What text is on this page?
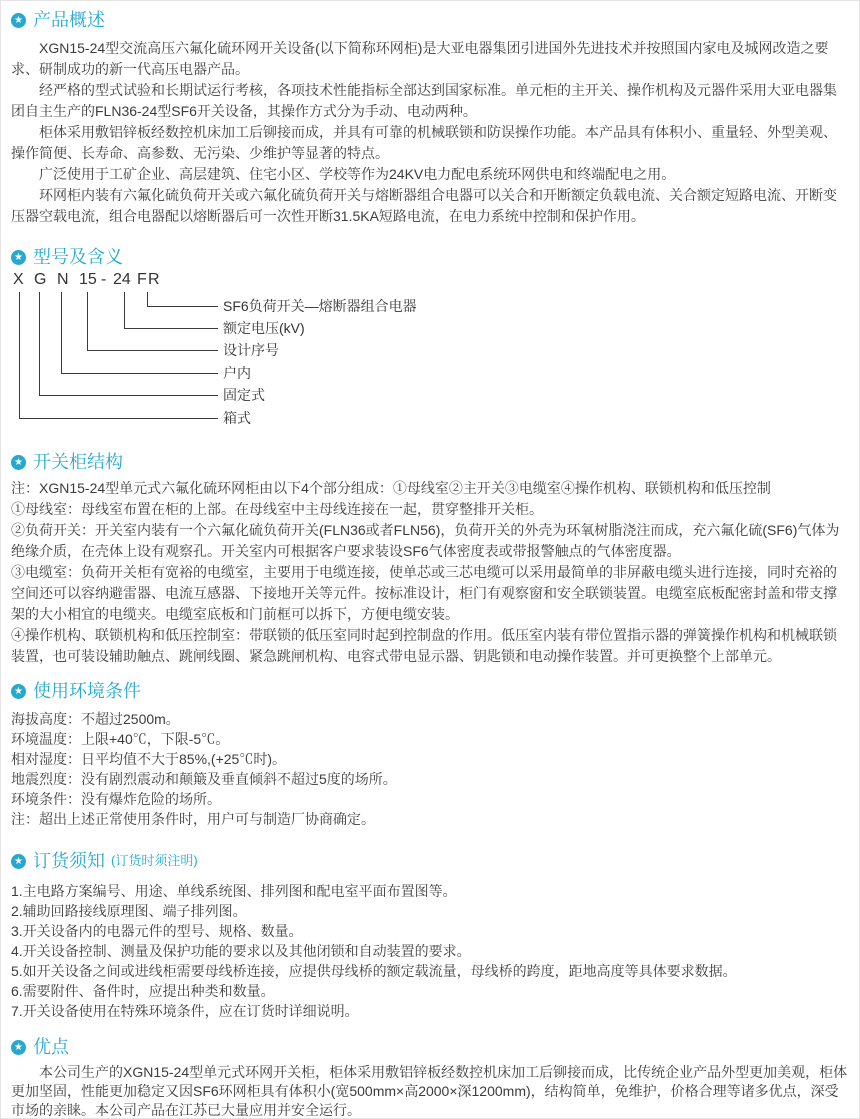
★ 产品概述

XGN15-24型交流高压六氟化硫环网开关设备(以下简称环网柜)是大亚电器集团引进国外先进技术并按照国内家电及城网改造之要求、研制成功的新一代高压电器产品。

经严格的型式试验和长期试运行考核，各项技术性能指标全部达到国家标准。单元柜的主开关、操作机构及元器件采用大亚电器集团自主生产的FLN36-24型SF6开关设备，其操作方式分为手动、电动两种。

柜体采用敷铝锌板经数控机床加工后铆接而成，并具有可靠的机械联锁和防误操作功能。本产品具有体积小、重量轻、外型美观、操作简便、长寿命、高参数、无污染、少维护等显著的特点。

广泛使用于工矿企业、高层建筑、住宅小区、学校等作为24KV电力配电系统环网供电和终端配电之用。

环网柜内装有六氟化硫负荷开关或六氟化硫负荷开关与熔断器组合电器可以关合和开断额定负载电流、关合额定短路电流、开断变压器空载电流，组合电器配以熔断器后可一次性开断31.5KA短路电流，在电力系统中控制和保护作用。

★ 型号及含义
X G N 15 - 24 F R
SF6负荷开关—熔断器组合电器
额定电压(kV)
设计序号
户内
固定式
箱式
★ 开关柜结构

注：XGN15-24型单元式六氟化硫环网柜由以下4个部分组成：①母线室②主开关③电缆室④操作机构、联锁机构和低压控制

①母线室：母线室布置在柜的上部。在母线室中主母线连接在一起，贯穿整排开关柜。

②负荷开关：开关室内装有一个六氟化硫负荷开关(FLN36或者FLN56)，负荷开关的外壳为环氧树脂浇注而成，充六氟化硫(SF6)气体为绝缘介质，在壳体上设有观察孔。开关室内可根据客户要求装设SF6气体密度表或带报警触点的气体密度器。

③电缆室：负荷开关柜有宽裕的电缆室，主要用于电缆连接，使单芯或三芯电缆可以采用最简单的非屏蔽电缆头进行连接，同时充裕的空间还可以容纳避雷器、电流互感器、下接地开关等元件。按标准设计，柜门有观察窗和安全联锁装置。电缆室底板配密封盖和带支撑架的大小相宜的电缆夹。电缆室底板和门前框可以拆下，方便电缆安装。

④操作机构、联锁机构和低压控制室：带联锁的低压室同时起到控制盘的作用。低压室内装有带位置指示器的弹簧操作机构和机械联锁装置，也可装设辅助触点、跳闸线圈、紧急跳闸机构、电容式带电显示器、钥匙锁和电动操作装置。并可更换整个上部单元。

★ 使用环境条件

海拔高度：不超过2500m。

环境温度：上限+40℃，下限-5℃。

相对湿度：日平均值不大于85%,(+25℃时)。

地震烈度：没有剧烈震动和颠簸及垂直倾斜不超过5度的场所。

环境条件：没有爆炸危险的场所。

注：超出上述正常使用条件时，用户可与制造厂协商确定。

★ 订货须知 (订货时须注明)

1.主电路方案编号、用途、单线系统图、排列图和配电室平面布置图等。

2.辅助回路接线原理图、端子排列图。

3.开关设备内的电器元件的型号、规格、数量。

4.开关设备控制、测量及保护功能的要求以及其他闭锁和自动装置的要求。

5.如开关设备之间或进线柜需要母线桥连接，应提供母线桥的额定载流量，母线桥的跨度，距地高度等具体要求数据。

6.需要附件、备件时，应提出种类和数量。

7.开关设备使用在特殊环境条件，应在订货时详细说明。

★ 优点

本公司生产的XGN15-24型单元式环网开关柜，柜体采用敷铝锌板经数控机床加工后铆接而成，比传统企业产品外型更加美观，柜体更加坚固，性能更加稳定又因SF6环网柜具有体积小(宽500mm×高2000×深1200mm)，结构简单，免维护，价格合理等诸多优点，深受市场的亲睐。本公司产品在江苏已大量应用并安全运行。
